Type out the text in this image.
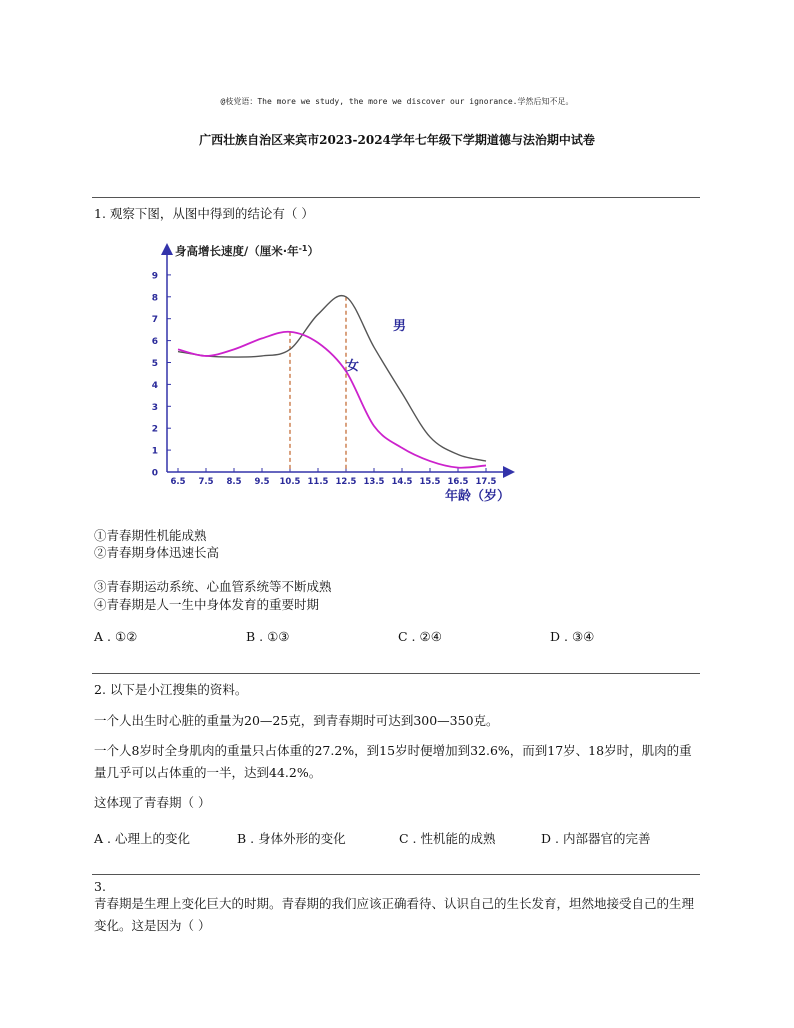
@枝党语：The more we study, the more we discover our ignorance.学然后知不足。
广西壮族自治区来宾市2023-2024学年七年级下学期道德与法治期中试卷
1. 观察下图，从图中得到的结论有（ ）
0
1
2
3
4
5
6
7
8
9
6.5 7.5 8.5 9.5 10.5 11.5 12.5 13.5 14.5 15.5 16.5 17.5
身高增长速度/（厘米·年$^{-1}$）
年龄（岁）
男
女
①青春期性机能成熟
②青春期身体迅速长高
③青春期运动系统、心血管系统等不断成熟
④青春期是人一生中身体发育的重要时期
A . ①②	B . ①③	C . ②④	D . ③④
2. 以下是小江搜集的资料。
一个人出生时心脏的重量为20—25克，到青春期时可达到300—350克。
一个人8岁时全身肌肉的重量只占体重的27.2%，到15岁时便增加到32.6%，而到17岁、18岁时，肌肉的重量几乎可以占体重的一半，达到44.2%。
这体现了青春期（ ）
A . 心理上的变化	B . 身体外形的变化	C . 性机能的成熟	D . 内部器官的完善
3.
青春期是生理上变化巨大的时期。青春期的我们应该正确看待、认识自己的生长发育，坦然地接受自己的生理变化。这是因为（ ）
